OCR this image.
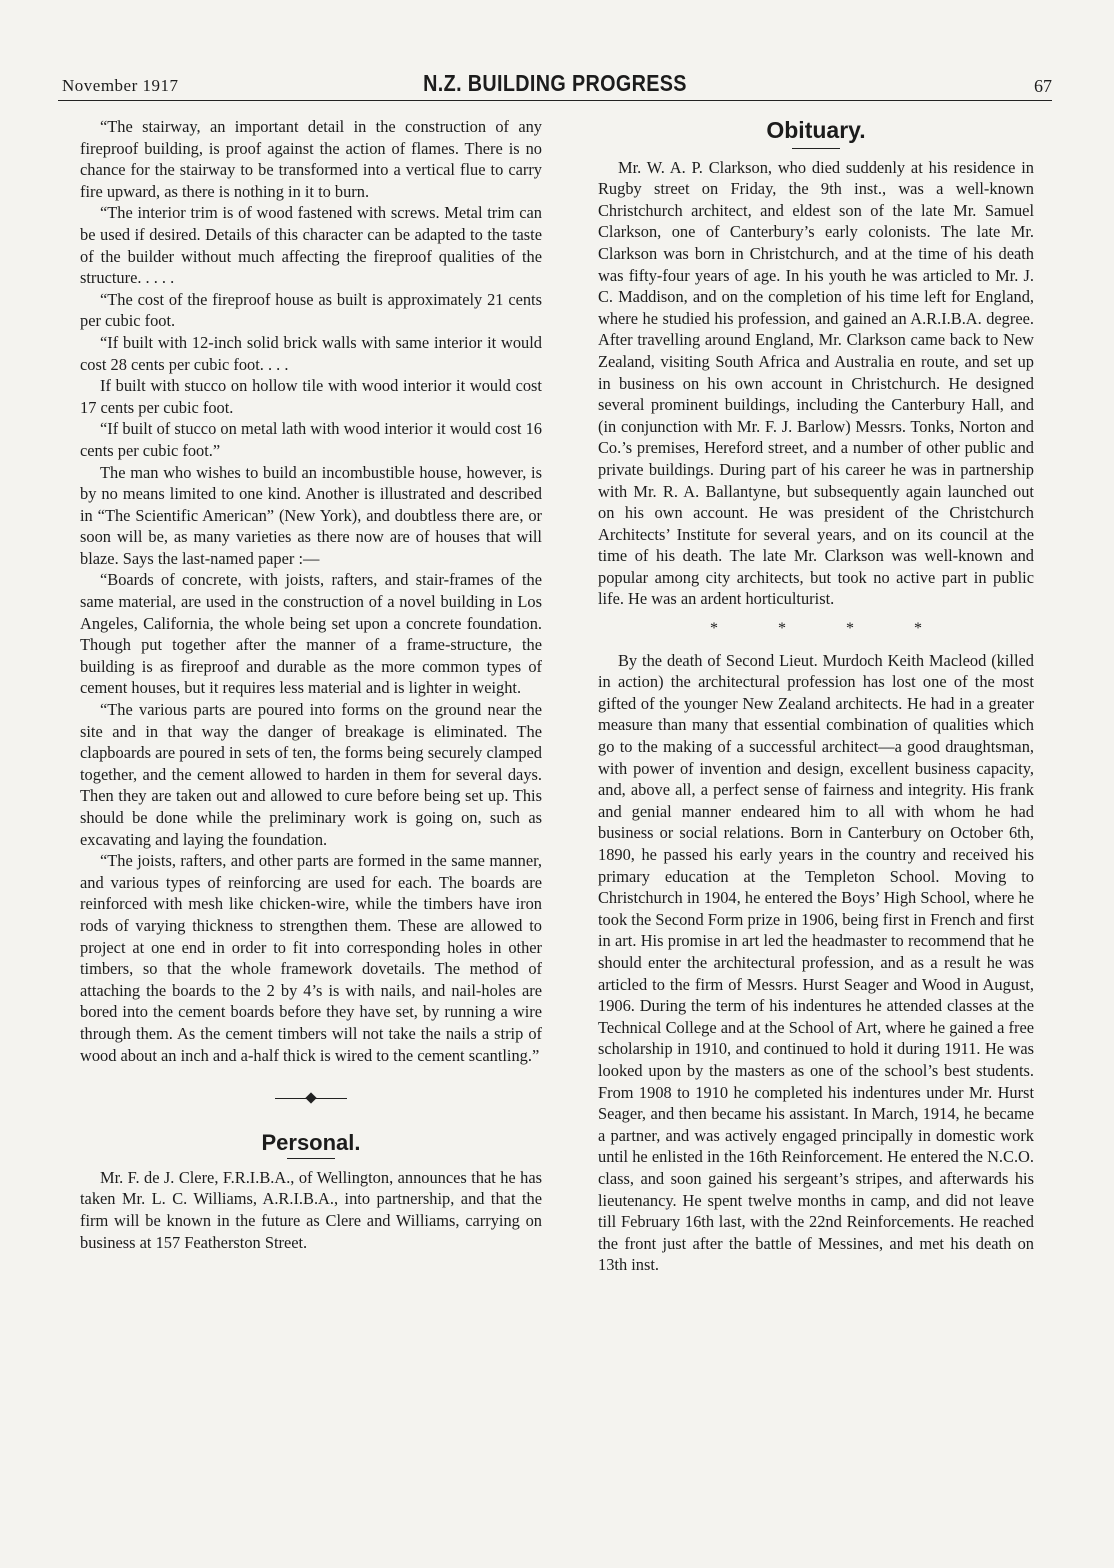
November 1917	N.Z. BUILDING PROGRESS	67

“The stairway, an important detail in the construction of any fireproof building, is proof against the action of flames. There is no chance for the stairway to be transformed into a vertical flue to carry fire upward, as there is nothing in it to burn.

“The interior trim is of wood fastened with screws. Metal trim can be used if desired. Details of this character can be adapted to the taste of the builder without much affecting the fireproof qualities of the structure. . . . .

“The cost of the fireproof house as built is approximately 21 cents per cubic foot.

“If built with 12-inch solid brick walls with same interior it would cost 28 cents per cubic foot. . . .

If built with stucco on hollow tile with wood interior it would cost 17 cents per cubic foot.

“If built of stucco on metal lath with wood interior it would cost 16 cents per cubic foot.”

The man who wishes to build an incombustible house, however, is by no means limited to one kind. Another is illustrated and described in “The Scientific American” (New York), and doubtless there are, or soon will be, as many varieties as there now are of houses that will blaze. Says the last-named paper :—

“Boards of concrete, with joists, rafters, and stair-frames of the same material, are used in the construction of a novel building in Los Angeles, California, the whole being set upon a concrete foundation. Though put together after the manner of a frame-structure, the building is as fireproof and durable as the more common types of cement houses, but it requires less material and is lighter in weight.

“The various parts are poured into forms on the ground near the site and in that way the danger of breakage is eliminated. The clapboards are poured in sets of ten, the forms being securely clamped together, and the cement allowed to harden in them for several days. Then they are taken out and allowed to cure before being set up. This should be done while the preliminary work is going on, such as excavating and laying the foundation.

“The joists, rafters, and other parts are formed in the same manner, and various types of reinforcing are used for each. The boards are reinforced with mesh like chicken-wire, while the timbers have iron rods of varying thickness to strengthen them. These are allowed to project at one end in order to fit into corresponding holes in other timbers, so that the whole framework dovetails. The method of attaching the boards to the 2 by 4’s is with nails, and nail-holes are bored into the cement boards before they have set, by running a wire through them. As the cement timbers will not take the nails a strip of wood about an inch and a-half thick is wired to the cement scantling.”

Personal.

Mr. F. de J. Clere, F.R.I.B.A., of Wellington, announces that he has taken Mr. L. C. Williams, A.R.I.B.A., into partnership, and that the firm will be known in the future as Clere and Williams, carrying on business at 157 Featherston Street.

Obituary.

Mr. W. A. P. Clarkson, who died suddenly at his residence in Rugby street on Friday, the 9th inst., was a well-known Christchurch architect, and eldest son of the late Mr. Samuel Clarkson, one of Canterbury’s early colonists. The late Mr. Clarkson was born in Christchurch, and at the time of his death was fifty-four years of age. In his youth he was articled to Mr. J. C. Maddison, and on the completion of his time left for England, where he studied his profession, and gained an A.R.I.B.A. degree. After travelling around England, Mr. Clarkson came back to New Zealand, visiting South Africa and Australia en route, and set up in business on his own account in Christchurch. He designed several prominent buildings, including the Canterbury Hall, and (in conjunction with Mr. F. J. Barlow) Messrs. Tonks, Norton and Co.’s premises, Hereford street, and a number of other public and private buildings. During part of his career he was in partnership with Mr. R. A. Ballantyne, but subsequently again launched out on his own account. He was president of the Christchurch Architects’ Institute for several years, and on its council at the time of his death. The late Mr. Clarkson was well-known and popular among city architects, but took no active part in public life. He was an ardent horticulturist.

* * * *

By the death of Second Lieut. Murdoch Keith Macleod (killed in action) the architectural profession has lost one of the most gifted of the younger New Zealand architects. He had in a greater measure than many that essential combination of qualities which go to the making of a successful architect—a good draughtsman, with power of invention and design, excellent business capacity, and, above all, a perfect sense of fairness and integrity. His frank and genial manner endeared him to all with whom he had business or social relations. Born in Canterbury on October 6th, 1890, he passed his early years in the country and received his primary education at the Templeton School. Moving to Christchurch in 1904, he entered the Boys’ High School, where he took the Second Form prize in 1906, being first in French and first in art. His promise in art led the headmaster to recommend that he should enter the architectural profession, and as a result he was articled to the firm of Messrs. Hurst Seager and Wood in August, 1906. During the term of his indentures he attended classes at the Technical College and at the School of Art, where he gained a free scholarship in 1910, and continued to hold it during 1911. He was looked upon by the masters as one of the school’s best students. From 1908 to 1910 he completed his indentures under Mr. Hurst Seager, and then became his assistant. In March, 1914, he became a partner, and was actively engaged principally in domestic work until he enlisted in the 16th Reinforcement. He entered the N.C.O. class, and soon gained his sergeant’s stripes, and afterwards his lieutenancy. He spent twelve months in camp, and did not leave till February 16th last, with the 22nd Reinforcements. He reached the front just after the battle of Messines, and met his death on 13th inst.
